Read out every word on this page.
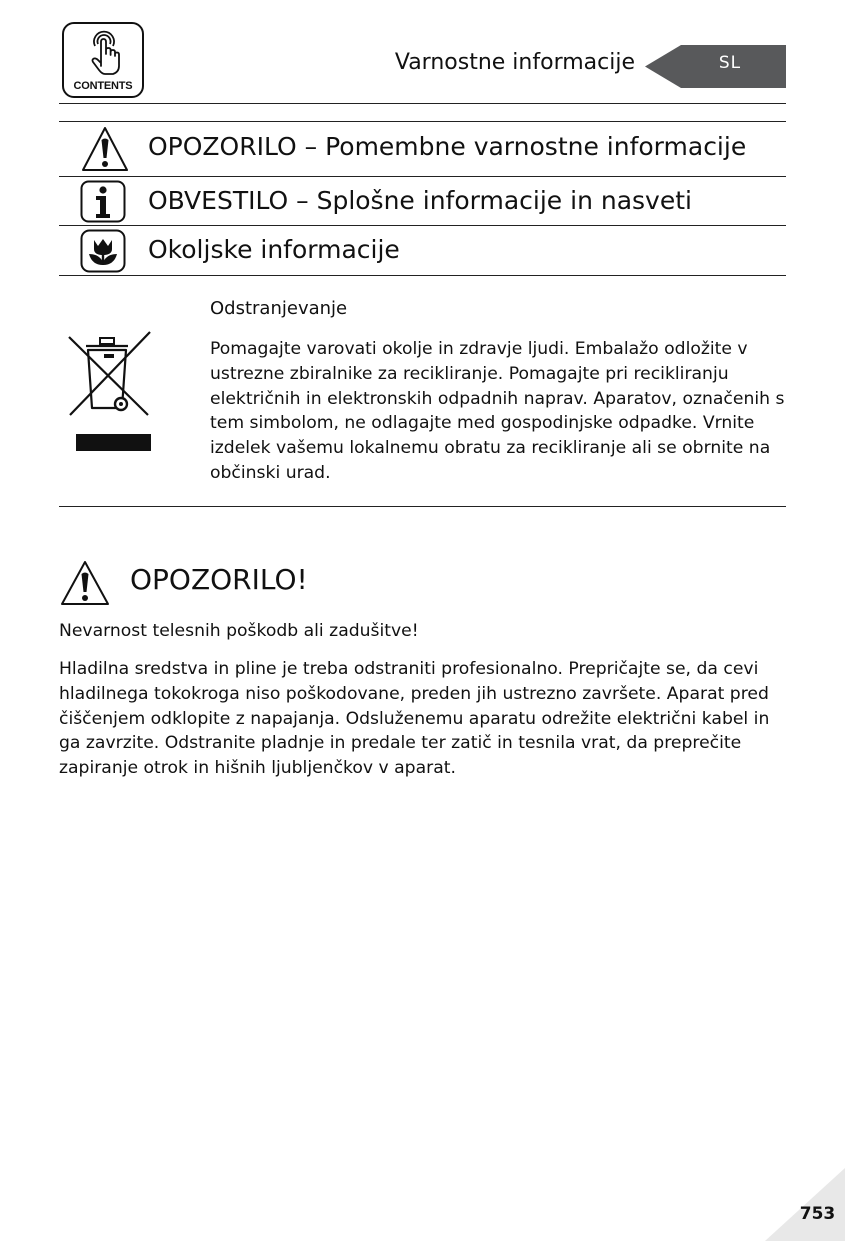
CONTENTS
Varnostne informacije	SL
OPOZORILO – Pomembne varnostne informacije
OBVESTILO – Splošne informacije in nasveti
Okoljske informacije
Odstranjevanje
Pomagajte varovati okolje in zdravje ljudi. Embalažo odložite v ustrezne zbiralnike za recikliranje. Pomagajte pri recikliranju električnih in elektronskih odpadnih naprav. Aparatov, označenih s tem simbolom, ne odlagajte med gospodinjske odpadke. Vrnite izdelek vašemu lokalnemu obratu za recikliranje ali se obrnite na občinski urad.
OPOZORILO!
Nevarnost telesnih poškodb ali zadušitve!
Hladilna sredstva in pline je treba odstraniti profesionalno. Prepričajte se, da cevi hladilnega tokokroga niso poškodovane, preden jih ustrezno završete. Aparat pred čiščenjem odklopite z napajanja. Odsluženemu aparatu odrežite električni kabel in ga zavrzite. Odstranite pladnje in predale ter zatič in tesnila vrat, da preprečite zapiranje otrok in hišnih ljubljenčkov v aparat.
753
